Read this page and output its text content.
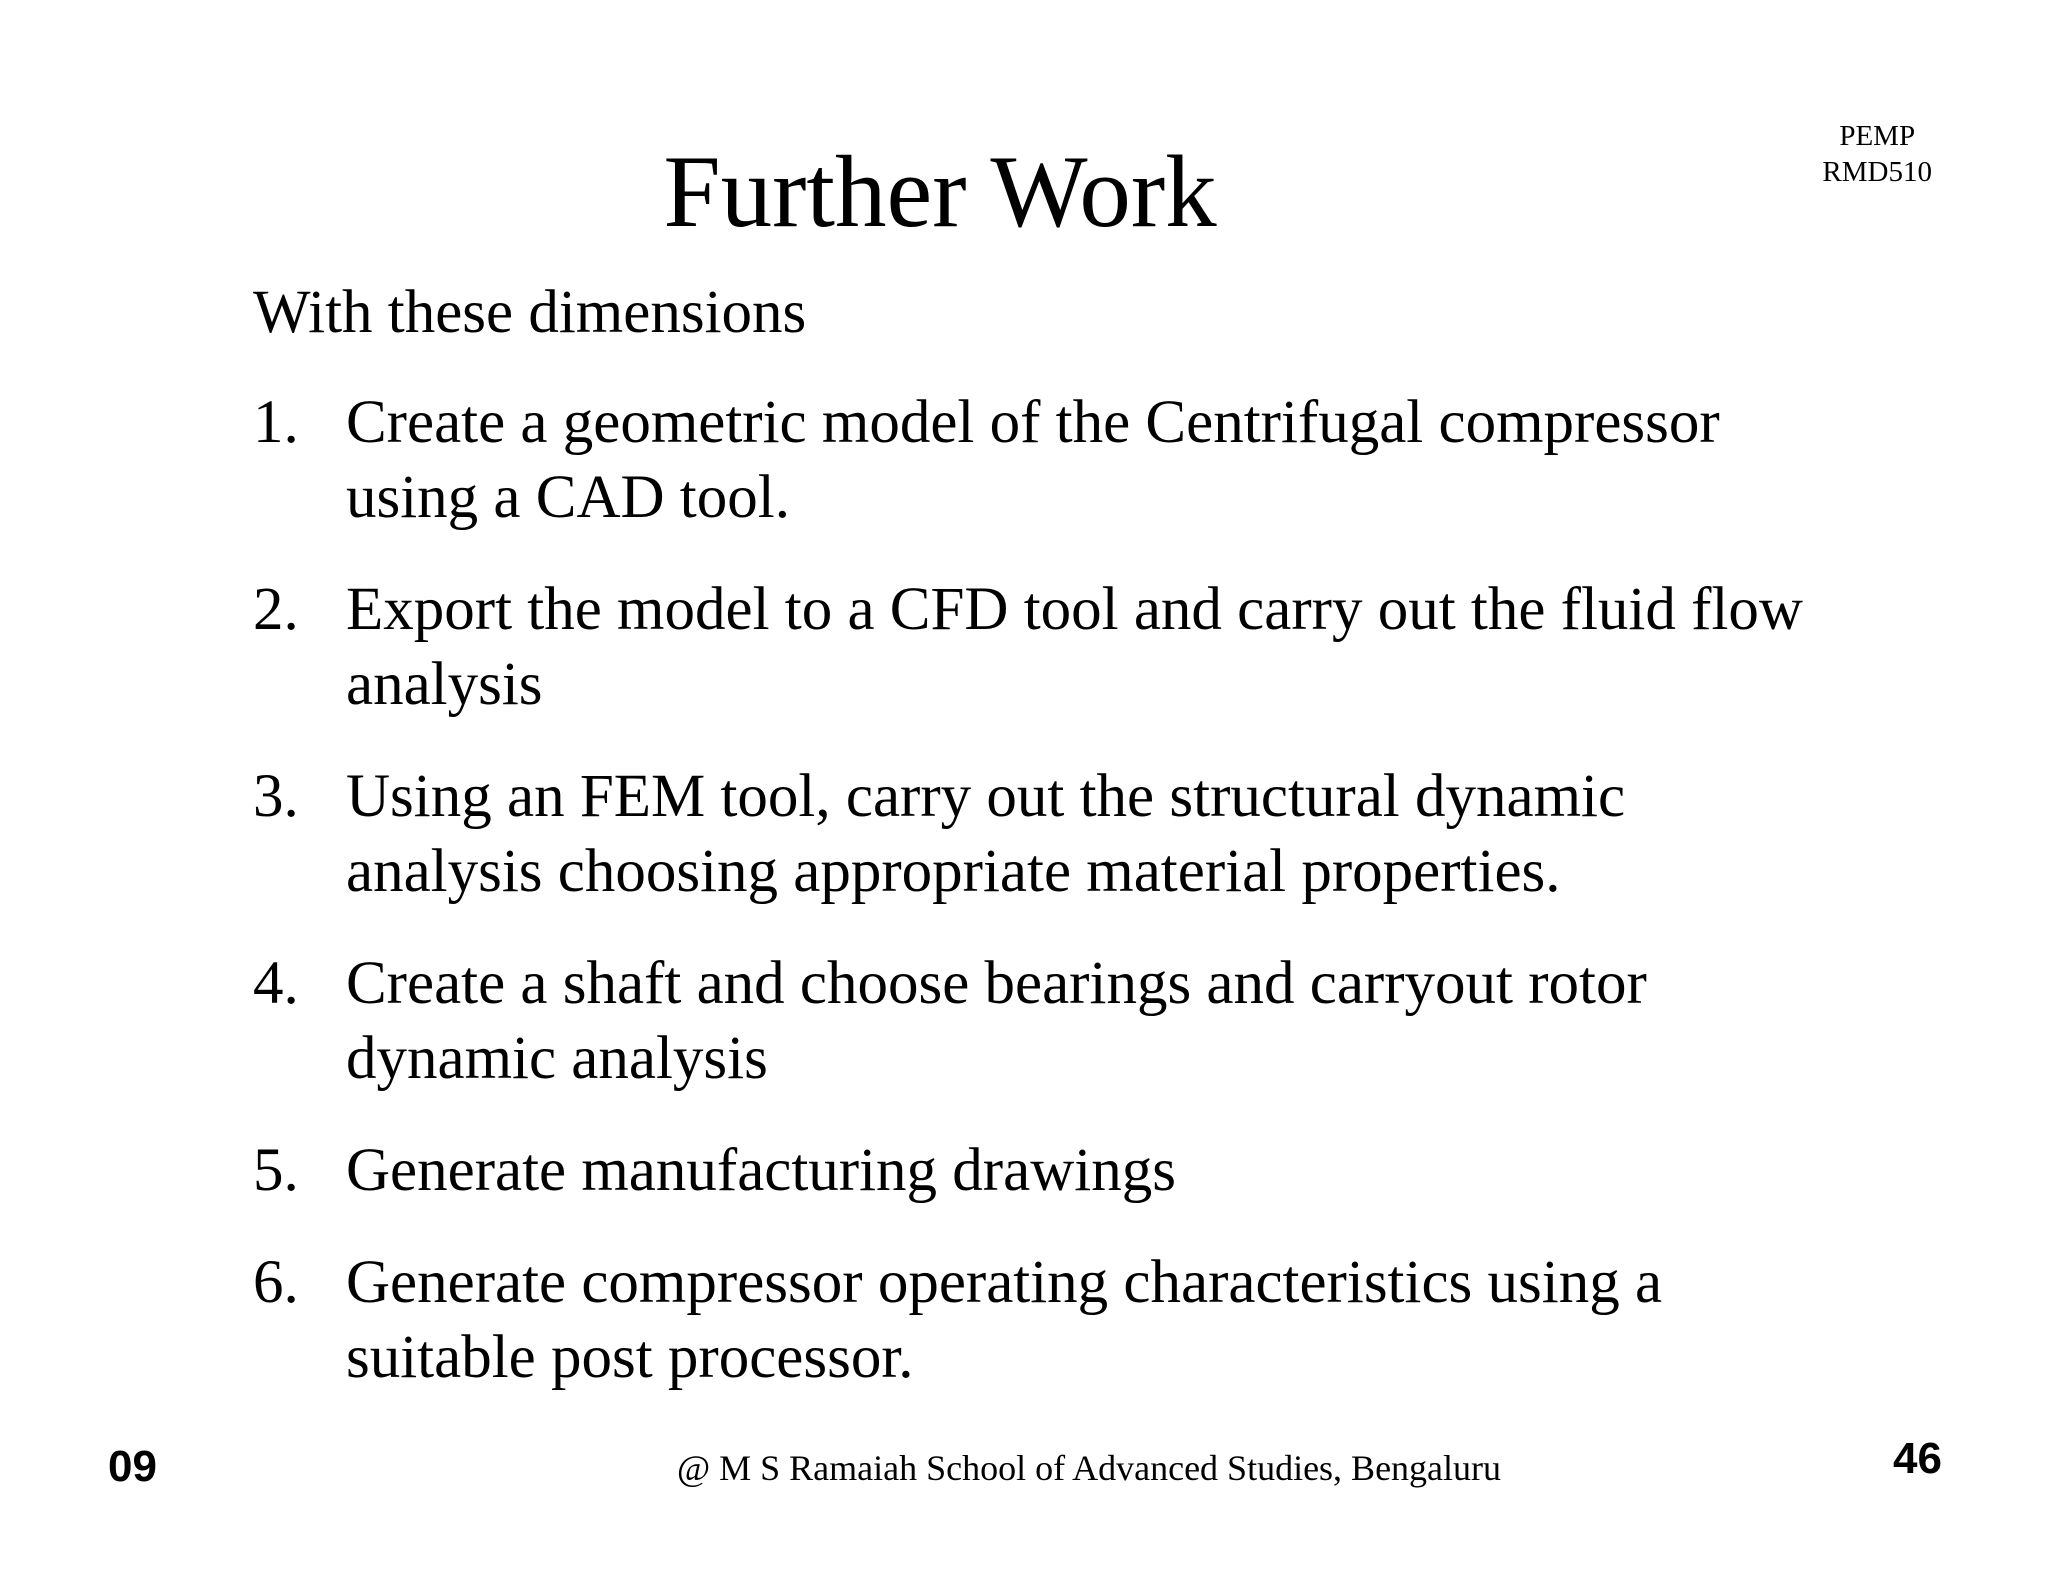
PEMP
RMD510
Further Work
With these dimensions
1. Create a geometric model of the Centrifugal compressor using a CAD tool.
2. Export the model to a CFD tool and carry out the fluid flow analysis
3. Using an FEM tool, carry out the structural dynamic analysis choosing appropriate material properties.
4. Create a shaft and choose bearings and carryout rotor dynamic analysis
5. Generate manufacturing drawings
6. Generate compressor operating characteristics using a suitable post processor.
09	@ M S Ramaiah School of Advanced Studies, Bengaluru	46
